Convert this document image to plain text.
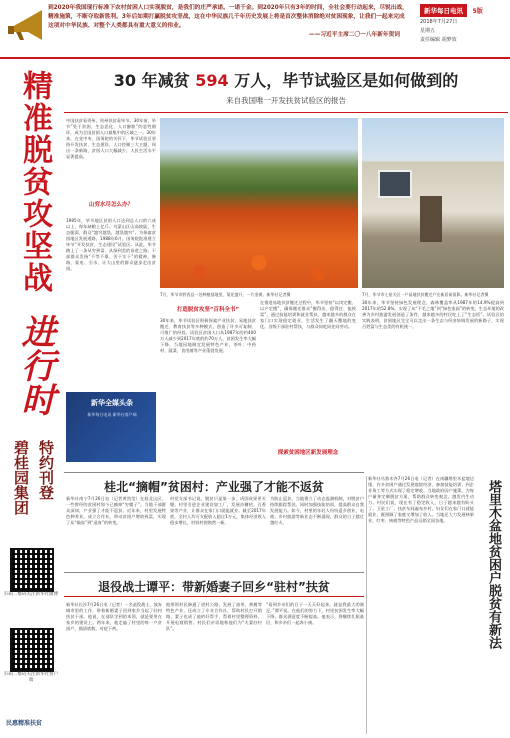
到2020年我国现行标准下农村贫困人口实现脱贫，是我们的庄严承诺。一诺千金。到2020年只有3年的时间，全社会要行动起来，尽锐出战，精准施策，不断夺取新胜利。3年后如期打赢脱贫攻坚战，这在中华民族几千年历史发展上将是首次整体消除绝对贫困现象，让我们一起来完成这项对中华民族、对整个人类都具有重大意义的伟业。

——习近平主席二〇一八年新年贺词

新华每日电讯 5版
2018年7月27日
星期五
责任编辑 胡梦效
精准脱贫攻坚战
进行时
特约刊登
碧桂园集团
扫码二维码关注新华社微博
扫码二维码关注新华社客户端
民惠精准扶贫
30 年减贫 594 万人，毕节试验区是如何做到的
来自我国唯一开发扶贫试验区的报告
中国扶贫看贵州，贵州扶贫看毕节。30年前，毕节“处于贫困、生态恶化、人口膨胀”的恶性循环，成为全国贫困人口最集中的区域之一。30年来，在党中央、国务院的关怀下，毕节试验区坚持开发扶贫、生态建设、人口控制三大主题，闯出一条新路，贫困人口大幅减少，人民生活水平显著提高。
山穷水尽怎么办？
1985年，毕节地区贫困人口达到总人口的六成以上，每年缺粮上亿斤。乌蒙山区山高坡陡，生态脆弱，群众“越穷越垦，越垦越穷”。为探索贫困地区发展道路，1988年6月，国务院批准建立毕节“开发扶贫、生态建设”试验区。从此，毕节踏上了一条从穷到富、从绿到美的奋进之路。干部群众发扬“不等不靠、苦干实干”的精神，修路、架电、引水，让大山里的群众逐步走出贫困。
7月，毕节市黔西县一处种植基地里，菊花盛开，一片金黄。新华社记者摄	7月，毕节市七星关区一户易地扶贫搬迁户在新居前留影。新华社记者摄
打造脱贫攻坚“百科全书”
30年来，毕节试验区积极探索产业扶贫、易地扶贫搬迁、教育扶贫等多种模式，创造了许多可复制、可推广的经验。试验区贫困人口从1987年的约400万人减少到2017年底的约70万人，贫困发生率大幅下降。当地因地制宜发展特色产业，茶叶、中药材、蔬菜、食用菌等产业蓬勃发展。
在推进易地扶贫搬迁过程中，毕节坚持“以岗定搬、以产定搬”，确保搬迁群众“搬得出、稳得住、能致富”。通过技能培训和就业帮扶，越来越多的群众在家门口实现稳定就业，生活发生了翻天覆地的变化。各级干部驻村帮扶，与群众同吃同住同劳动。
探索贫困地区新发展理念
30年来，毕节坚持绿色发展理念，森林覆盖率从1987年的14.9%提高到2017年的52.8%，实现了从“不毛之地”到“绿色家园”的转变。生态环境的改善为乡村旅游发展创造了条件，越来越多的村民吃上了“生态饭”。试验区的实践表明，贫困地区完全可以走出一条生态与经济协调发展的新路子，实现百姓富与生态美的有机统一。
新华全媒头条
新华每日电讯 新华社客户端
桂北“摘帽”贫困村：产业强了才能不返贫
新华社南宁7月26日电（记者黄凯莹）在桂北山区，一些曾经的贫困村如今已摘掉“穷帽子”。当地干部群众深知，产业强了才能不返贫。近年来，村里发展特色种养业，成立合作社，带动贫困户增收致富，实现了从“输血”到“造血”的转变。
村党支部书记说，脱贫只是第一步，巩固成果更关键。村里引进企业建设加工厂，发展沙糖桔、百香果等产业，让群众在家门口就能就业。截至2017年底，全村人均可支配收入超过1万元，集体经济收入稳步增长，村容村貌焕然一新。
为防止返贫，当地建立了动态监测机制，对脱贫户持续跟踪帮扶。同时加强技能培训，提高群众自我发展能力。如今，村里的年轻人纷纷返乡创业，电商、乡村旅游等新业态不断涌现，群众的日子越过越红火。
新华社乌鲁木齐7月26日电（记者）在南疆塔里木盆地边缘，许多贫困户通过发展庭院经济、参加技能培训、到企业务工等方式实现了稳定增收。当地政府因户施策，为每户量身定制脱贫方案，帮助群众转变观念，激发内生动力。村民们说，现在有了稳定收入，日子越来越有盼头了。卫星工厂、扶贫车间遍布乡村，妇女们在家门口就能就业，既照顾了家庭又增加了收入。当地还大力发展林果业，红枣、核桃等特色产品远销全国各地。	塔里木盆地贫困户脱贫有新法
退役战士谭平：带新婚妻子回乡“驻村”扶贫
新华社长沙7月26日电（记者）一名退役战士，放弃城市里的工作，带着新婚妻子回到家乡当起了驻村扶贫干部。他说，在部队学到的本领，就是要用在家乡的建设上。两年来，他走遍了村里的每一户贫困户，摸清底数，对症下药。
他带领村民修通了进村公路，发展了油茶、黄桃等特色产业，还成立了专业合作社，帮助村民打开销路。妻子也成了他的好帮手，帮着村里整理资料、开展电商销售。村民们亲切地称他们为“夫妻驻村队”。
“看到乡亲们的日子一天天好起来，就是我最大的满足。”谭平说。在他们的努力下，村里贫困发生率大幅下降，群众满意度不断提高。他表示，将继续扎根基层，和乡亲们一起奔小康。
